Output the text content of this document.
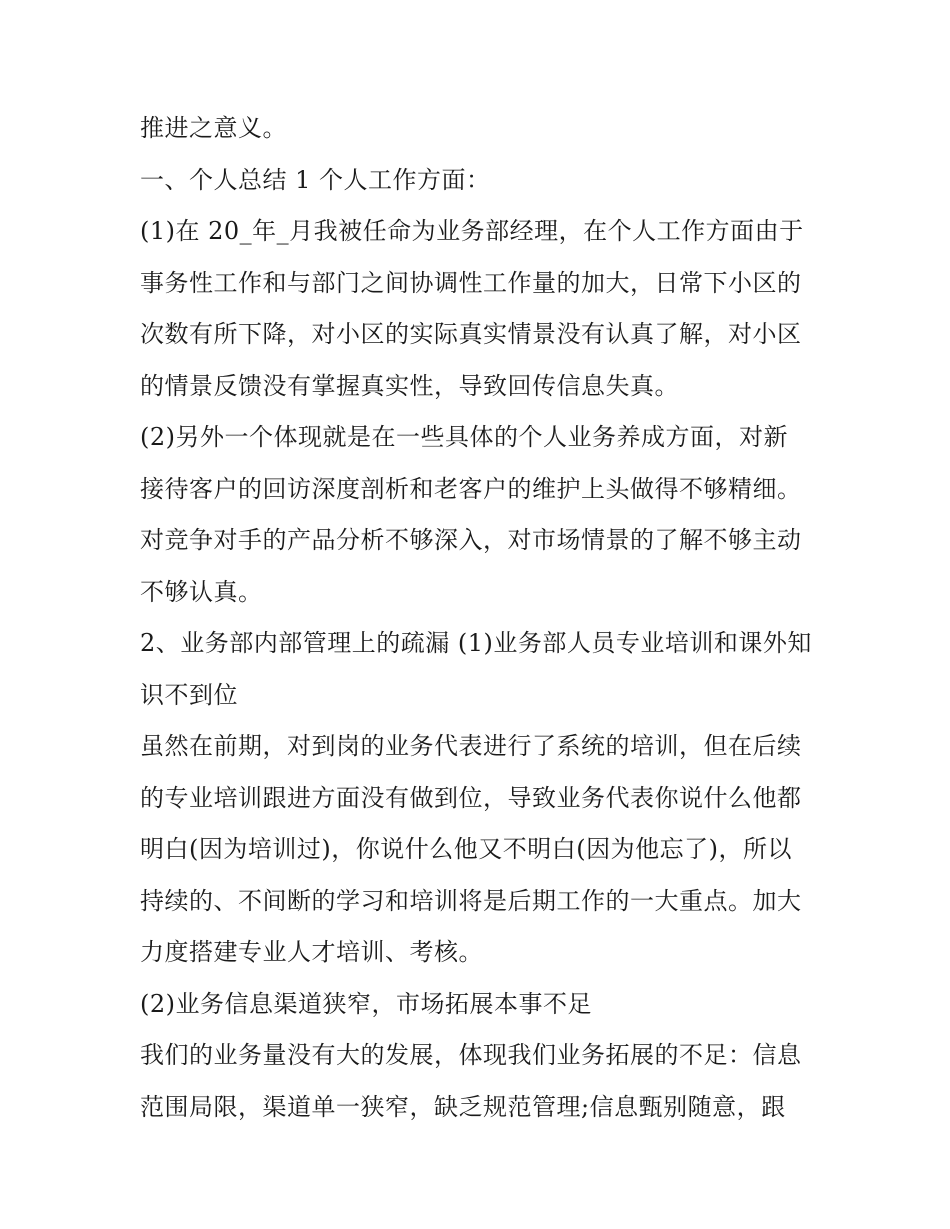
推进之意义。
一、个人总结 1 个人工作方面：
(1)在 20_年_月我被任命为业务部经理，在个人工作方面由于
事务性工作和与部门之间协调性工作量的加大，日常下小区的
次数有所下降，对小区的实际真实情景没有认真了解，对小区
的情景反馈没有掌握真实性，导致回传信息失真。
(2)另外一个体现就是在一些具体的个人业务养成方面，对新
接待客户的回访深度剖析和老客户的维护上头做得不够精细。
对竞争对手的产品分析不够深入，对市场情景的了解不够主动
不够认真。
2、业务部内部管理上的疏漏 (1)业务部人员专业培训和课外知
识不到位
虽然在前期，对到岗的业务代表进行了系统的培训，但在后续
的专业培训跟进方面没有做到位，导致业务代表你说什么他都
明白(因为培训过)，你说什么他又不明白(因为他忘了)，所以
持续的、不间断的学习和培训将是后期工作的一大重点。加大
力度搭建专业人才培训、考核。
(2)业务信息渠道狭窄，市场拓展本事不足
我们的业务量没有大的发展，体现我们业务拓展的不足：信息
范围局限，渠道单一狭窄，缺乏规范管理;信息甄别随意，跟
